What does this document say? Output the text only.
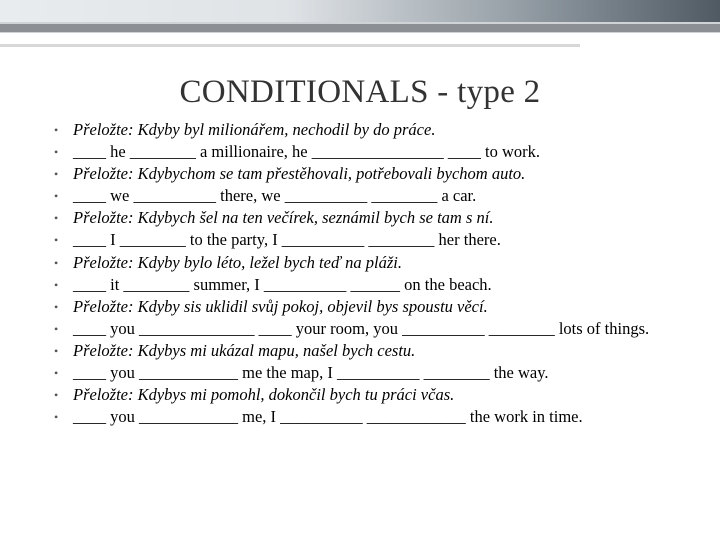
CONDITIONALS - type 2
• Přeložte: Kdyby byl milionářem, nechodil by do práce.
• ____ he ________ a millionaire, he ________________ ____ to work.
• Přeložte: Kdybychom se tam přestěhovali, potřebovali bychom auto.
• ____ we __________ there, we __________ ________ a car.
• Přeložte: Kdybych šel na ten večírek, seznámil bych se tam s ní.
• ____ I ________ to the party, I __________ ________ her there.
• Přeložte: Kdyby bylo léto, ležel bych teď na pláži.
• ____ it ________ summer, I __________ ______ on the beach.
• Přeložte: Kdyby sis uklidil svůj pokoj, objevil bys spoustu věcí.
• ____ you ______________ ____ your room, you __________ ________ lots of things.
• Přeložte: Kdybys mi ukázal mapu, našel bych cestu.
• ____ you ____________ me the map, I __________ ________ the way.
• Přeložte: Kdybys mi pomohl, dokončil bych tu práci včas.
• ____ you ____________ me, I __________ ____________ the work in time.
